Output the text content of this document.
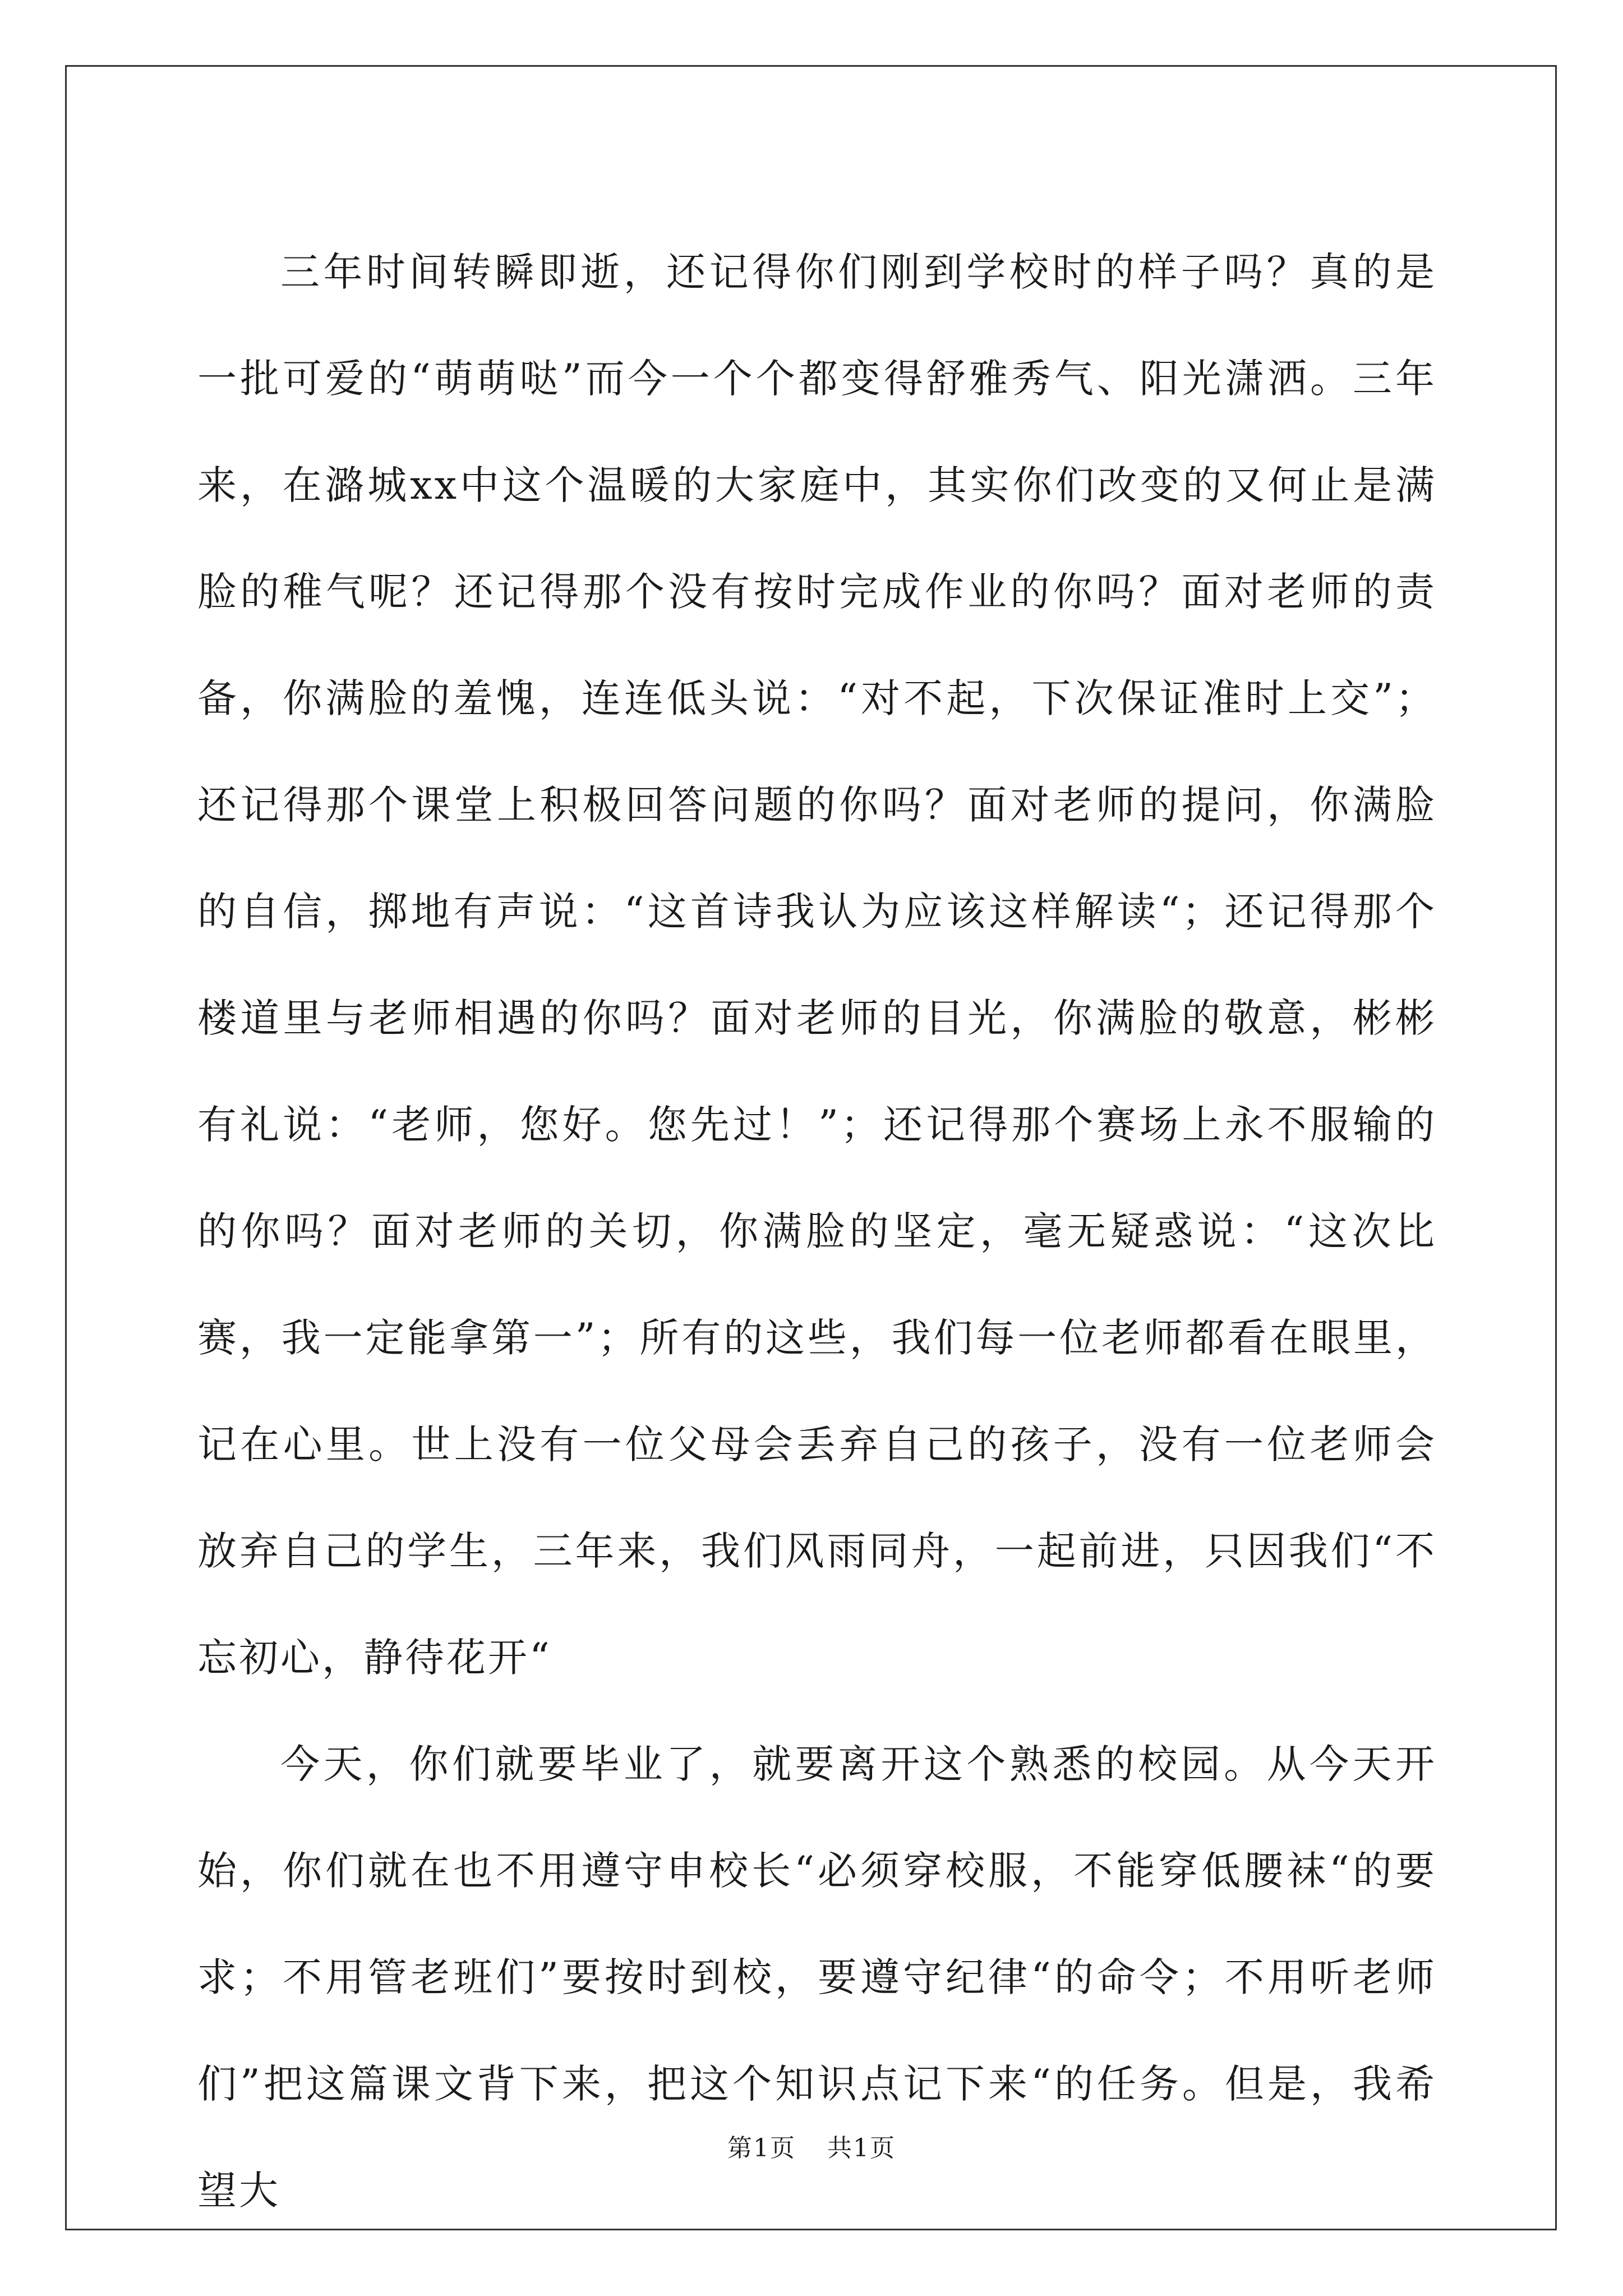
三年时间转瞬即逝，还记得你们刚到学校时的样子吗？真的是一批可爱的“萌萌哒”而今一个个都变得舒雅秀气、阳光潇洒。三年来，在潞城xx中这个温暖的大家庭中，其实你们改变的又何止是满脸的稚气呢？还记得那个没有按时完成作业的你吗？面对老师的责备，你满脸的羞愧，连连低头说：“对不起，下次保证准时上交”；还记得那个课堂上积极回答问题的你吗？面对老师的提问，你满脸的自信，掷地有声说：“这首诗我认为应该这样解读“；还记得那个楼道里与老师相遇的你吗？面对老师的目光，你满脸的敬意，彬彬有礼说：“老师，您好。您先过！”；还记得那个赛场上永不服输的的你吗？面对老师的关切，你满脸的坚定，毫无疑惑说：“这次比赛，我一定能拿第一”；所有的这些，我们每一位老师都看在眼里，记在心里。世上没有一位父母会丢弃自己的孩子，没有一位老师会放弃自己的学生，三年来，我们风雨同舟，一起前进，只因我们“不忘初心，静待花开“

今天，你们就要毕业了，就要离开这个熟悉的校园。从今天开始，你们就在也不用遵守申校长“必须穿校服，不能穿低腰袜“的要求；不用管老班们”要按时到校，要遵守纪律“的命令；不用听老师们”把这篇课文背下来，把这个知识点记下来“的任务。但是，我希望大

第1页 共1页
